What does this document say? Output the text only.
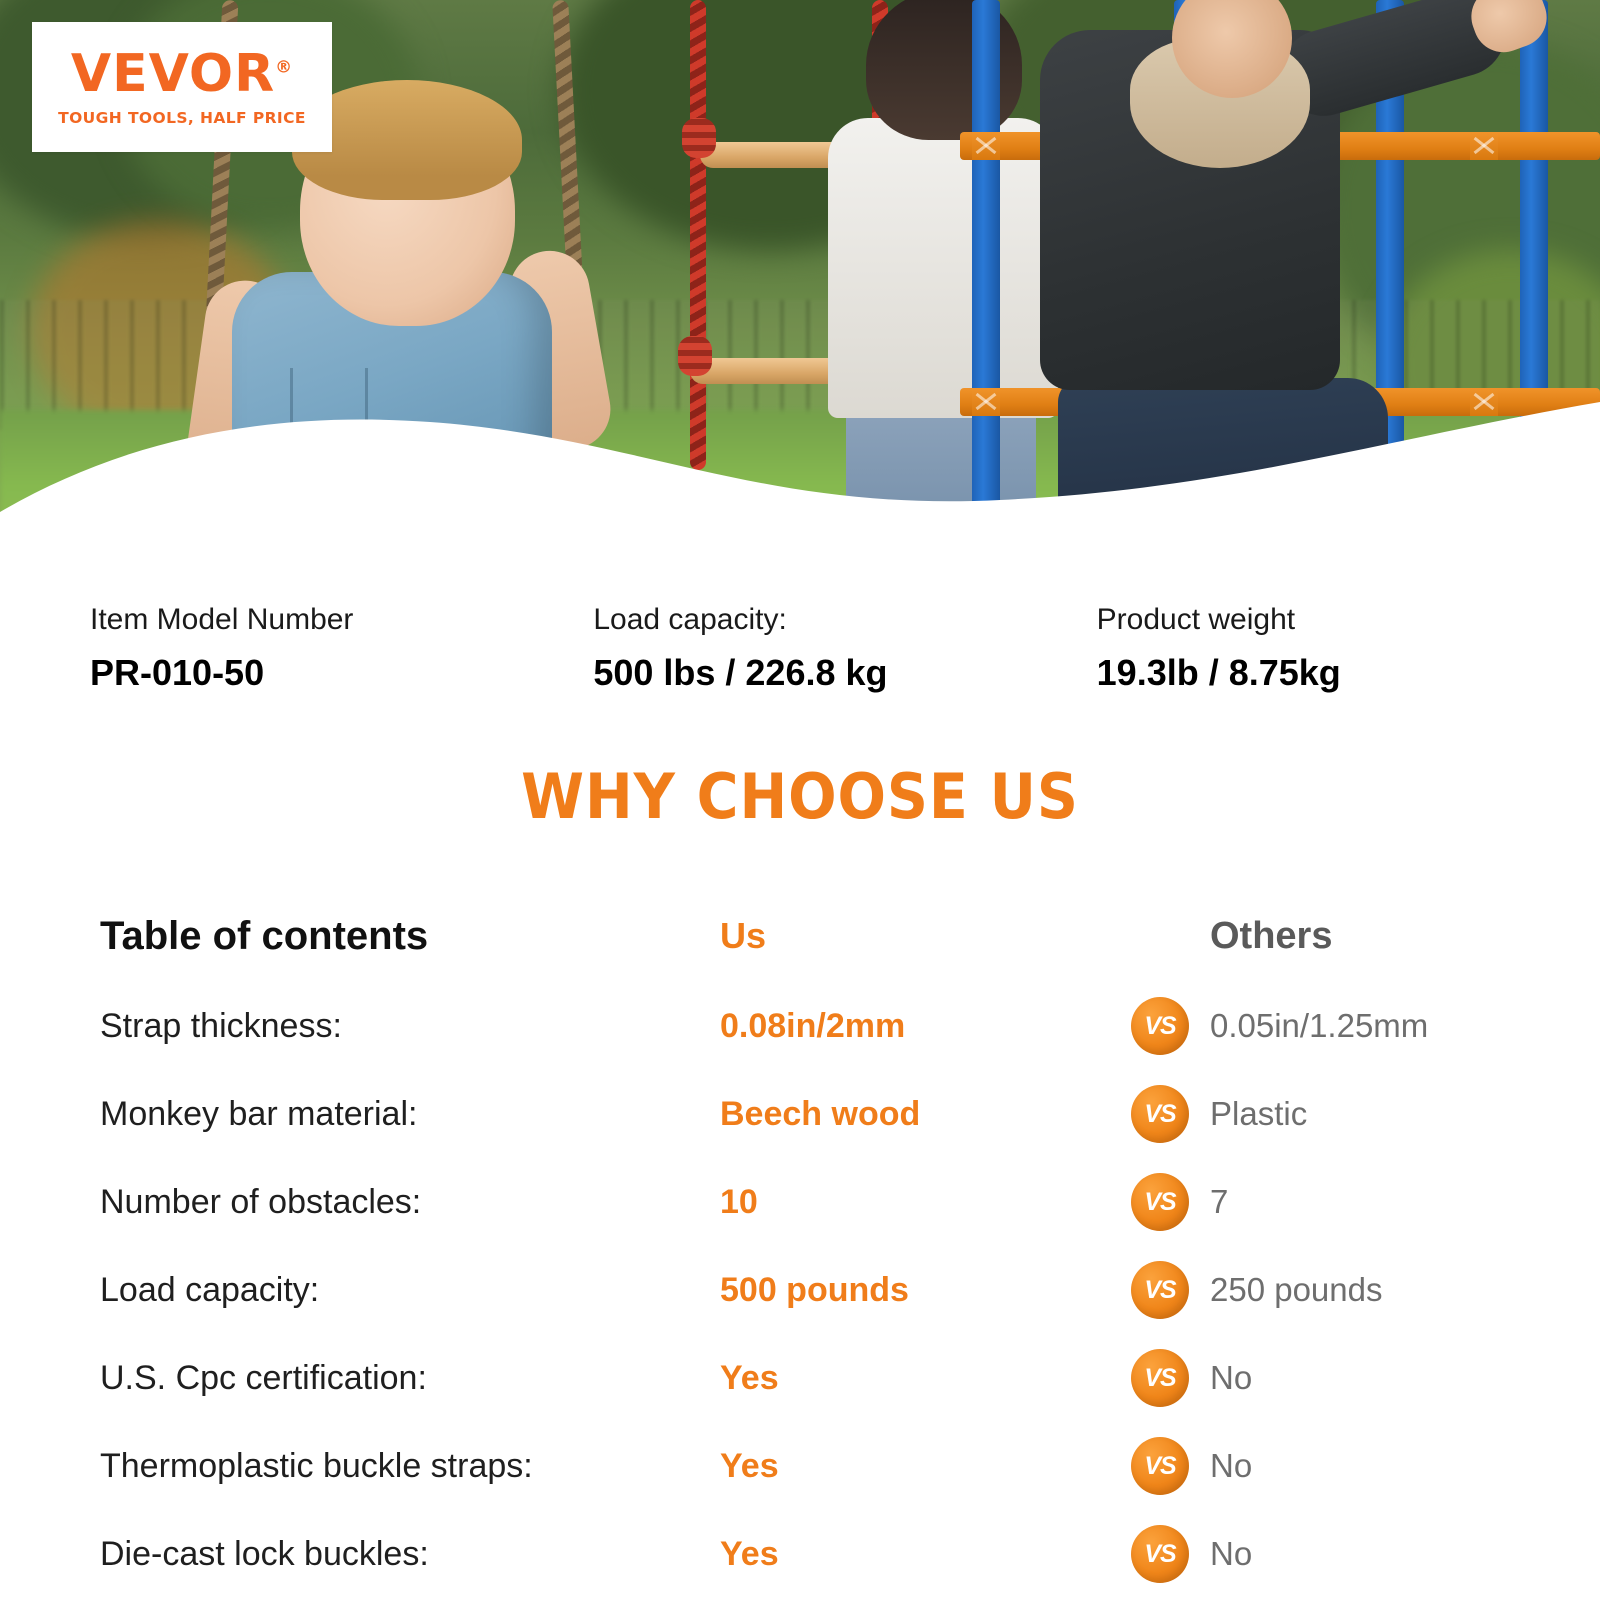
VEVOR®
TOUGH TOOLS, HALF PRICE
Item Model Number
PR-010-50
Load capacity:
500 lbs / 226.8 kg
Product weight
19.3lb / 8.75kg
WHY CHOOSE US
Table of contents	Us	Others
Strap thickness:	0.08in/2mm	VS	0.05in/1.25mm
Monkey bar material:	Beech wood	VS	Plastic
Number of obstacles:	10	VS	7
Load capacity:	500 pounds	VS	250 pounds
U.S. Cpc certification:	Yes	VS	No
Thermoplastic buckle straps:	Yes	VS	No
Die-cast lock buckles:	Yes	VS	No
